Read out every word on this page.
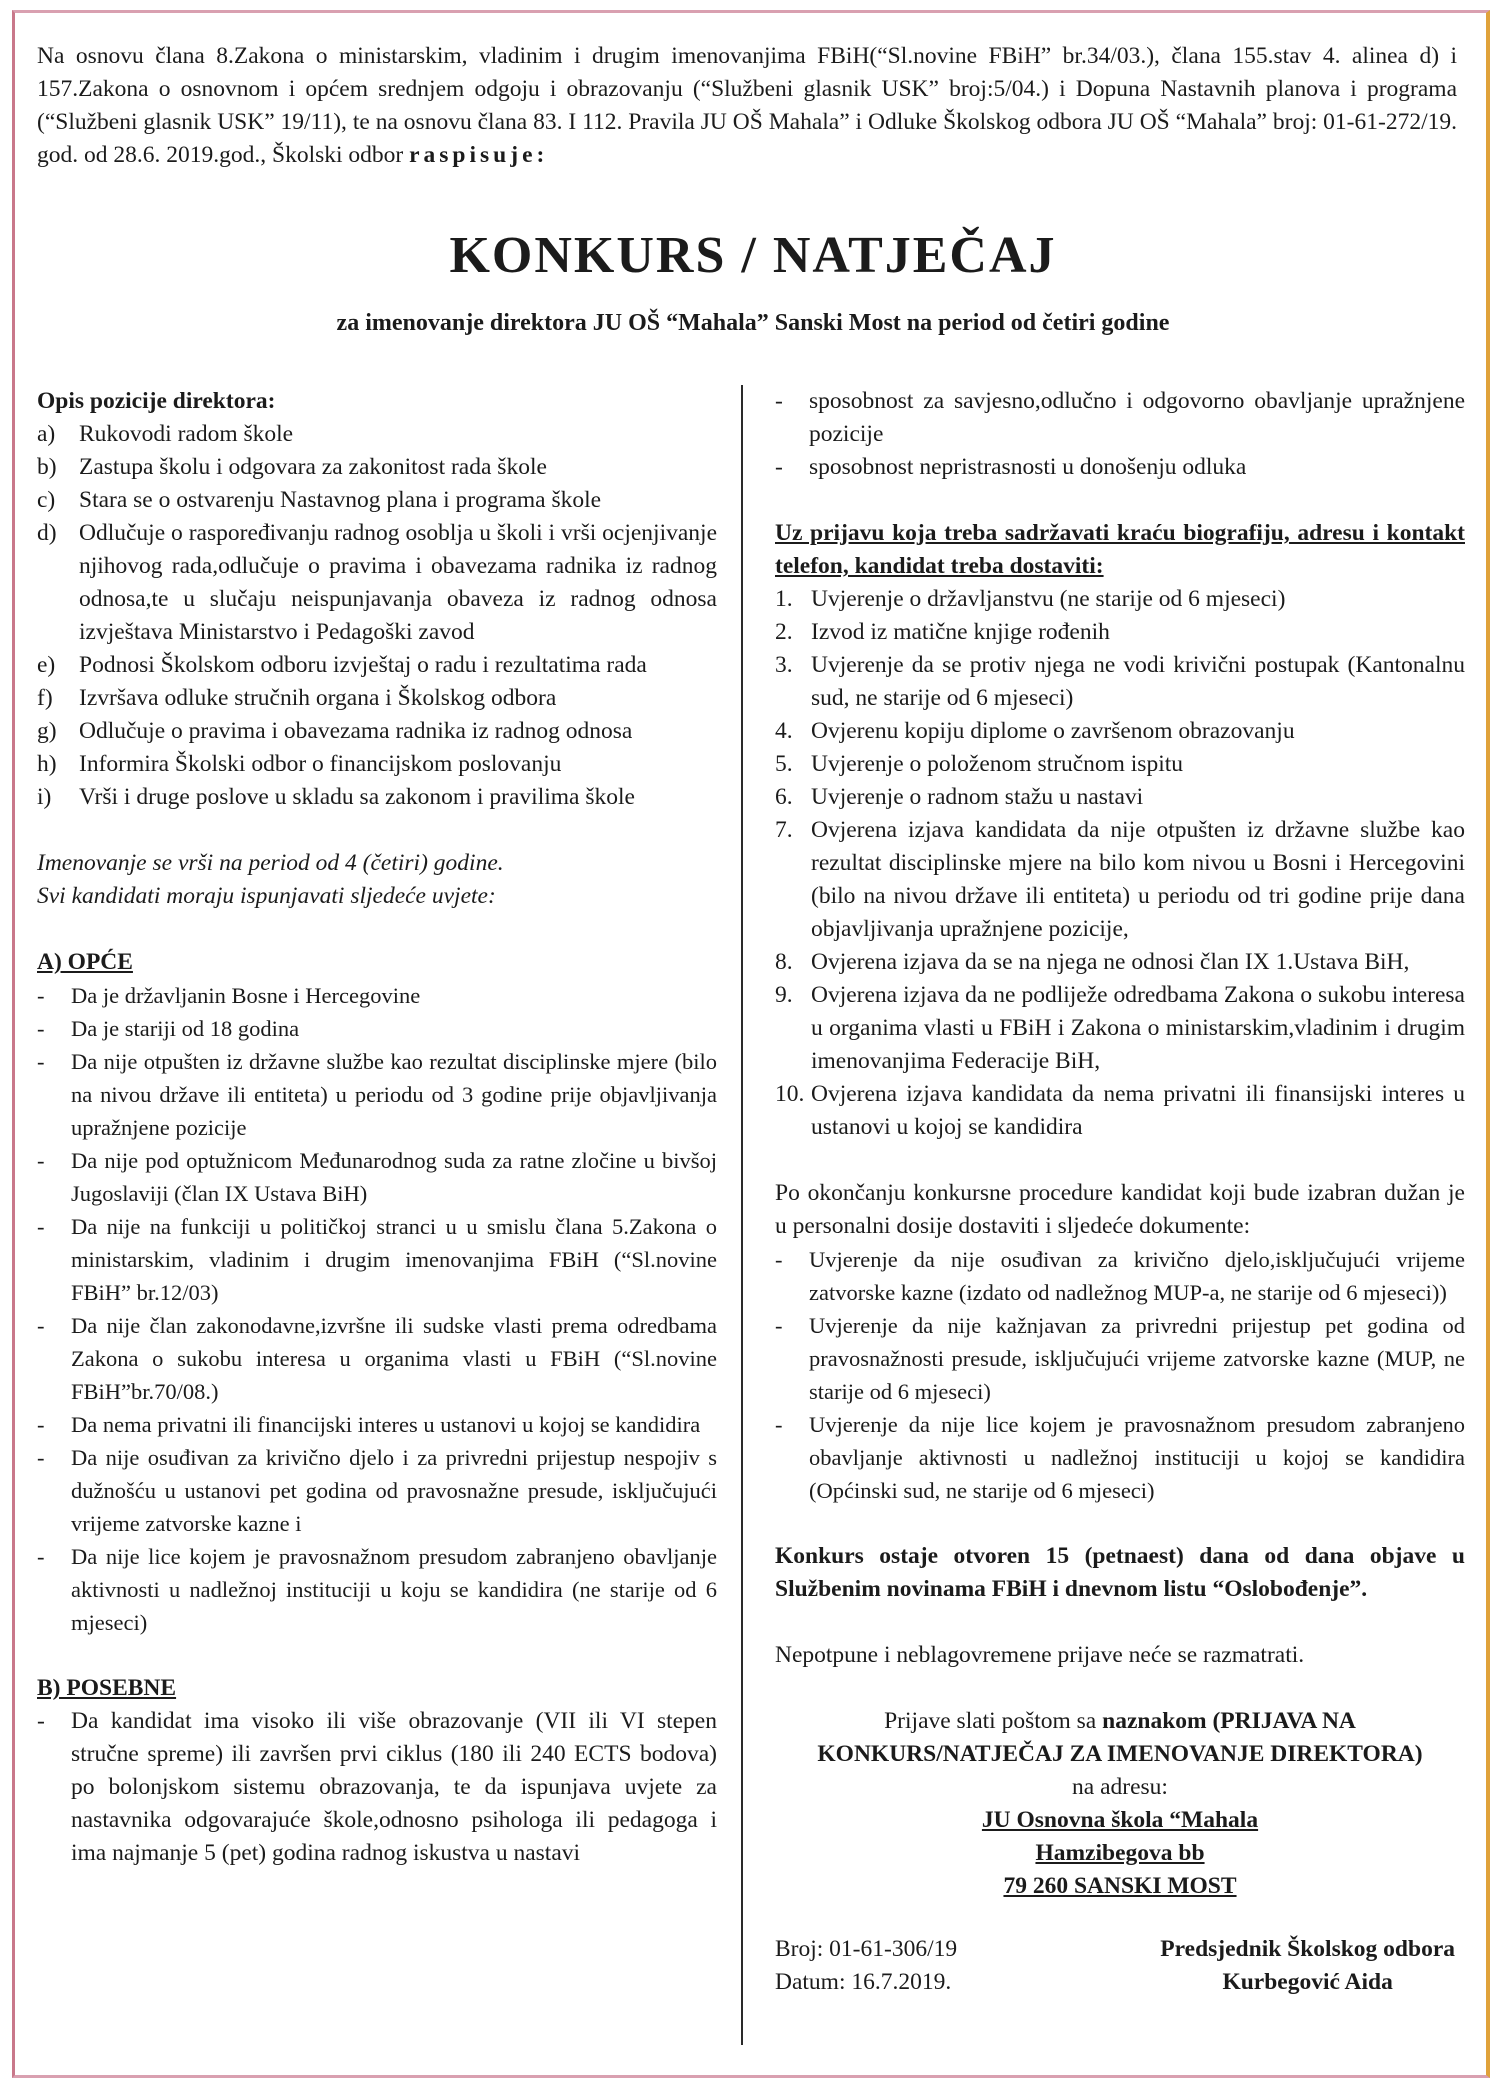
Na osnovu člana 8.Zakona o ministarskim, vladinim i drugim imenovanjima FBiH(“Sl.novine FBiH” br.34/03.), člana 155.stav 4. alinea d) i 157.Zakona o osnovnom i općem srednjem odgoju i obrazovanju (“Službeni glasnik USK” broj:5/04.) i Dopuna Nastavnih planova i programa (“Službeni glasnik USK” 19/11), te na osnovu člana 83. I 112. Pravila JU OŠ Mahala” i Odluke Školskog odbora JU OŠ “Mahala” broj: 01-61-272/19. god. od 28.6. 2019.god., Školski odbor raspisuje:
KONKURS / NATJEČAJ
za imenovanje direktora JU OŠ “Mahala” Sanski Most na period od četiri godine
Opis pozicije direktora:
a)	Rukovodi radom škole
b) Zastupa školu i odgovara za zakonitost rada škole
c)	Stara se o ostvarenju Nastavnog plana i programa škole
d) Odlučuje o raspoređivanju radnog osoblja u školi i vrši ocjenjivanje njihovog rada,odlučuje o pravima i obavezama radnika iz radnog odnosa,te u slučaju neispunjavanja obaveza iz radnog odnosa izvještava Ministarstvo i Pedagoški zavod
e)	Podnosi Školskom odboru izvještaj o radu i rezultatima rada
f)	Izvršava odluke stručnih organa i Školskog odbora
g) Odlučuje o pravima i obavezama radnika iz radnog odnosa
h) Informira Školski odbor o financijskom poslovanju
i)	Vrši i druge poslove u skladu sa zakonom i pravilima škole
Imenovanje se vrši na period od 4 (četiri) godine.
Svi kandidati moraju ispunjavati sljedeće uvjete:
A) OPĆE
-	Da je državljanin Bosne i Hercegovine
-	Da je stariji od 18 godina
-	Da nije otpušten iz državne službe kao rezultat disciplinske mjere (bilo na nivou države ili entiteta) u periodu od 3 godine prije objavljivanja upražnjene pozicije
-	Da nije pod optužnicom Međunarodnog suda za ratne zločine u bivšoj Jugoslaviji (član IX Ustava BiH)
-	Da nije na funkciji u političkoj stranci u u smislu člana 5.Zakona o ministarskim, vladinim i drugim imenovanjima FBiH (“Sl.novine FBiH” br.12/03)
-	Da nije član zakonodavne,izvršne ili sudske vlasti prema odredbama Zakona o sukobu interesa u organima vlasti u FBiH (“Sl.novine FBiH”br.70/08.)
-	Da nema privatni ili financijski interes u ustanovi u kojoj se kandidira
-	Da nije osuđivan za krivično djelo i za privredni prijestup nespojiv s dužnošću u ustanovi pet godina od pravosnažne presude, isključujući vrijeme zatvorske kazne i
-	Da nije lice kojem je pravosnažnom presudom zabranjeno obavljanje aktivnosti u nadležnoj instituciji u koju se kandidira (ne starije od 6 mjeseci)
B) POSEBNE
-	Da kandidat ima visoko ili više obrazovanje (VII ili VI stepen stručne spreme) ili završen prvi ciklus (180 ili 240 ECTS bodova) po bolonjskom sistemu obrazovanja, te da ispunjava uvjete za nastavnika odgovarajuće škole,odnosno psihologa ili pedagoga i ima najmanje 5 (pet) godina radnog iskustva u nastavi
-	sposobnost za savjesno,odlučno i odgovorno obavljanje upražnjene pozicije
-	sposobnost nepristrasnosti u donošenju odluka
Uz prijavu koja treba sadržavati kraću biografiju, adresu i kontakt telefon, kandidat treba dostaviti:
1. Uvjerenje o državljanstvu (ne starije od 6 mjeseci)
2. Izvod iz matične knjige rođenih
3. Uvjerenje da se protiv njega ne vodi krivični postupak (Kantonalnu sud, ne starije od 6 mjeseci)
4. Ovjerenu kopiju diplome o završenom obrazovanju
5. Uvjerenje o položenom stručnom ispitu
6. Uvjerenje o radnom stažu u nastavi
7. Ovjerena izjava kandidata da nije otpušten iz državne službe kao rezultat disciplinske mjere na bilo kom nivou u Bosni i Hercegovini (bilo na nivou države ili entiteta) u periodu od tri godine prije dana objavljivanja upražnjene pozicije,
8. Ovjerena izjava da se na njega ne odnosi član IX 1.Ustava BiH,
9. Ovjerena izjava da ne podliježe odredbama Zakona o sukobu interesa u organima vlasti u FBiH i Zakona o ministarskim,vladinim i drugim imenovanjima Federacije BiH,
10. Ovjerena izjava kandidata da nema privatni ili finansijski interes u ustanovi u kojoj se kandidira
Po okončanju konkursne procedure kandidat koji bude izabran dužan je u personalni dosije dostaviti i sljedeće dokumente:
-	Uvjerenje da nije osuđivan za krivično djelo,isključujući vrijeme zatvorske kazne (izdato od nadležnog MUP-a, ne starije od 6 mjeseci))
-	Uvjerenje da nije kažnjavan za privredni prijestup pet godina od pravosnažnosti presude, isključujući vrijeme zatvorske kazne (MUP, ne starije od 6 mjeseci)
-	Uvjerenje da nije lice kojem je pravosnažnom presudom zabranjeno obavljanje aktivnosti u nadležnoj instituciji u kojoj se kandidira (Općinski sud, ne starije od 6 mjeseci)
Konkurs ostaje otvoren 15 (petnaest) dana od dana objave u Službenim novinama FBiH i dnevnom listu “Oslobođenje”.
Nepotpune i neblagovremene prijave neće se razmatrati.
Prijave slati poštom sa naznakom (PRIJAVA NA KONKURS/NATJEČAJ ZA IMENOVANJE DIREKTORA)
na adresu:
JU Osnovna škola “Mahala
Hamzibegova bb
79 260 SANSKI MOST
Broj: 01-61-306/19
Datum: 16.7.2019.
Predsjednik Školskog odbora
Kurbegović Aida
